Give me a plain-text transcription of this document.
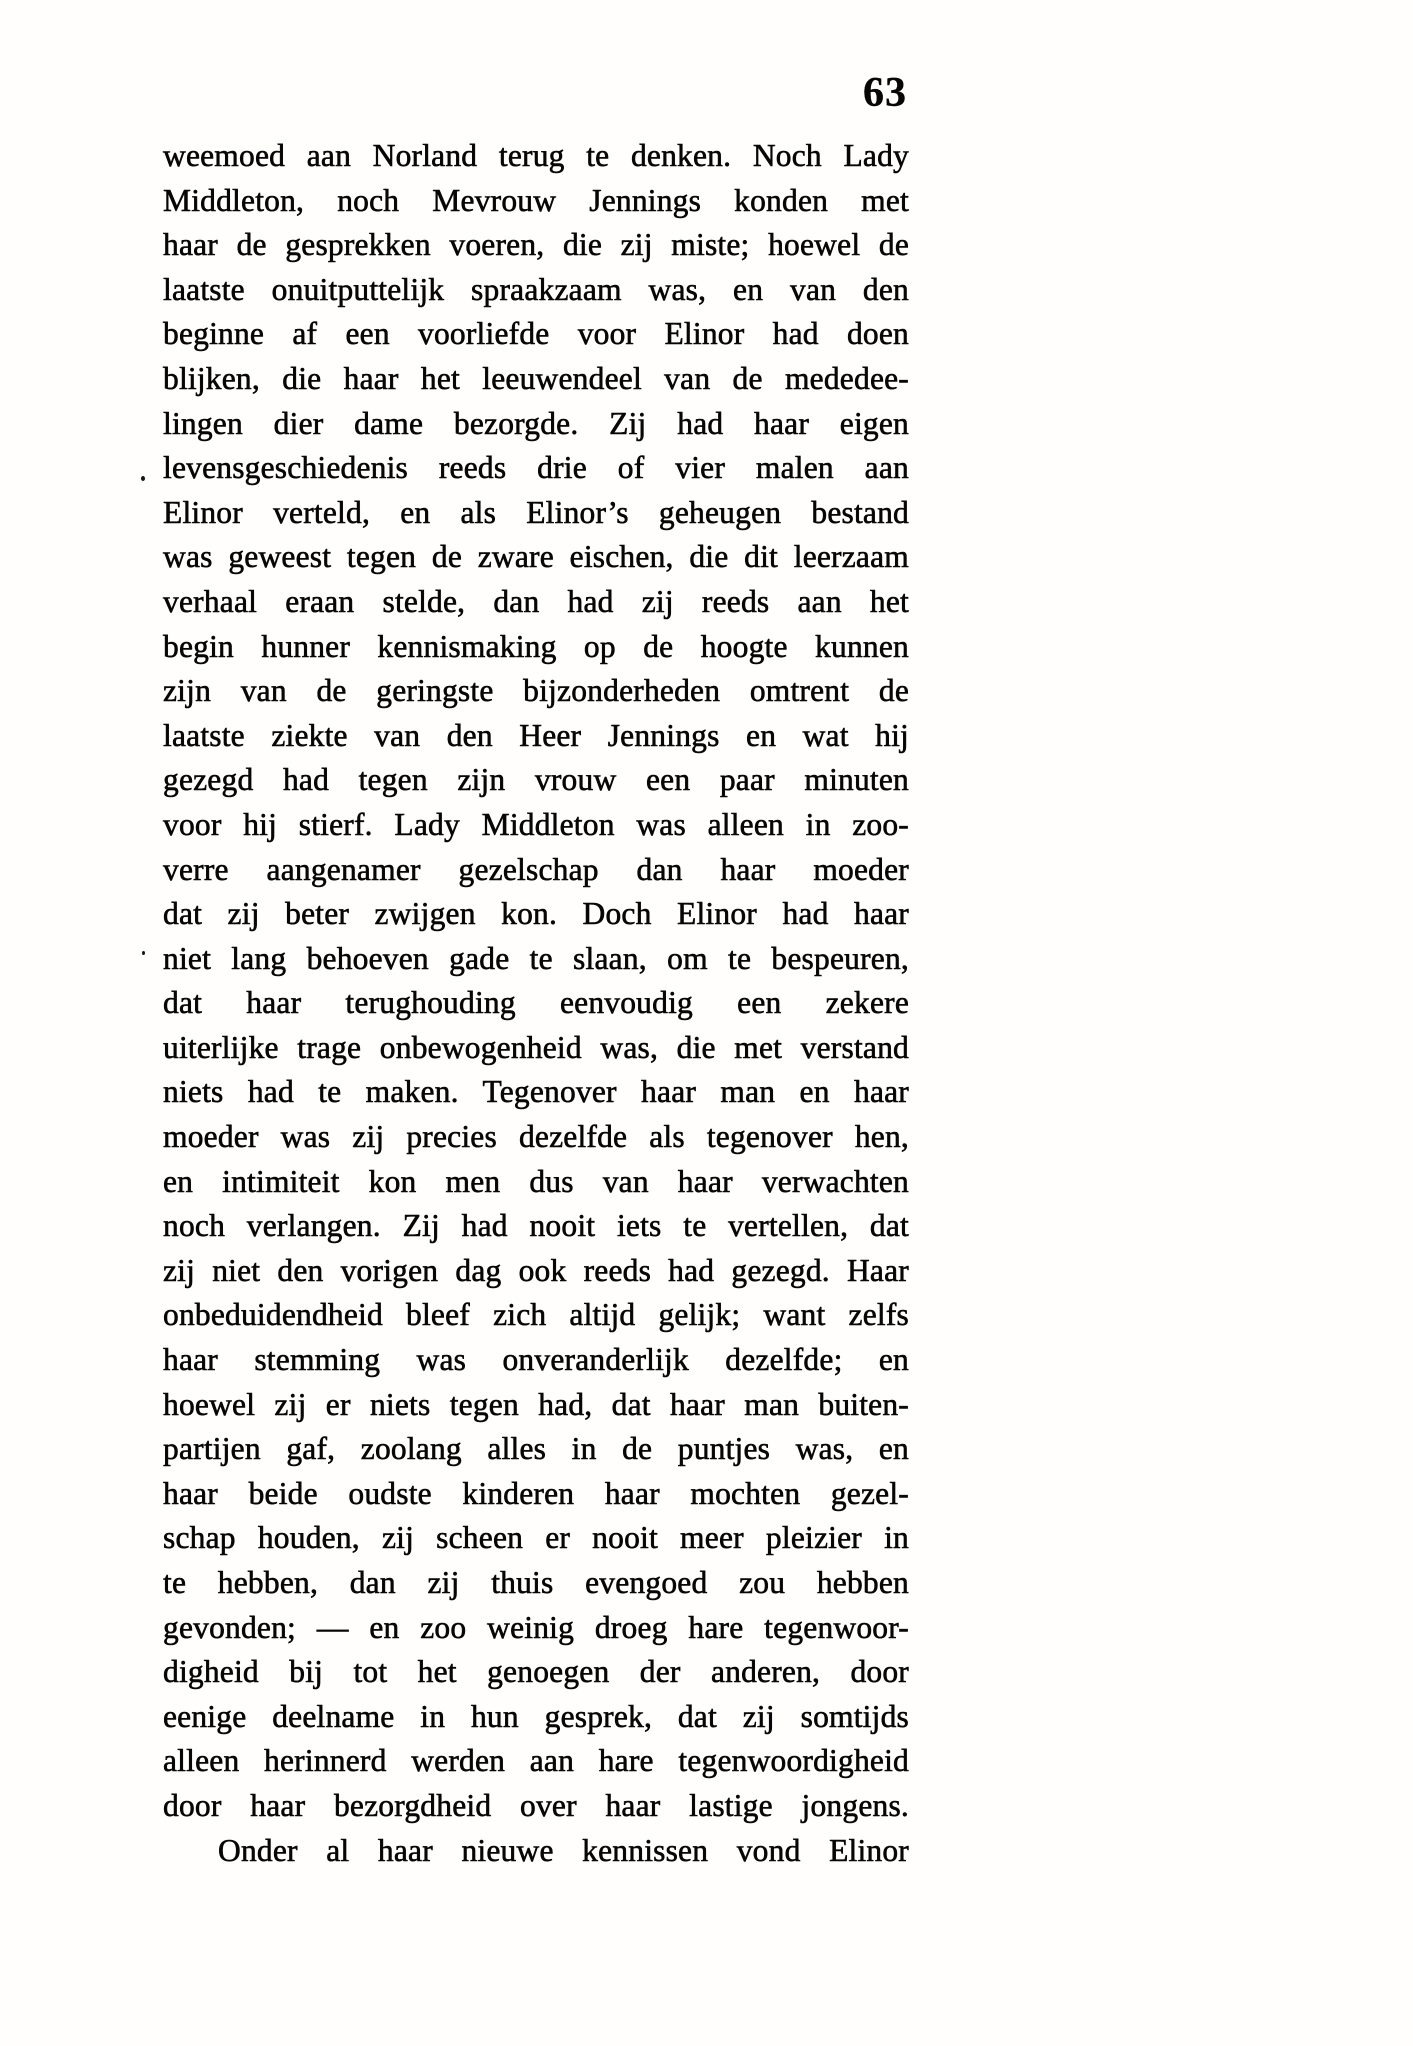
63
weemoed aan Norland terug te denken. Noch Lady
Middleton, noch Mevrouw Jennings konden met
haar de gesprekken voeren, die zij miste; hoewel de
laatste onuitputtelijk spraakzaam was, en van den
beginne af een voorliefde voor Elinor had doen
blijken, die haar het leeuwendeel van de mededee-
lingen dier dame bezorgde. Zij had haar eigen
levensgeschiedenis reeds drie of vier malen aan
Elinor verteld, en als Elinor’s geheugen bestand
was geweest tegen de zware eischen, die dit leerzaam
verhaal eraan stelde, dan had zij reeds aan het
begin hunner kennismaking op de hoogte kunnen
zijn van de geringste bijzonderheden omtrent de
laatste ziekte van den Heer Jennings en wat hij
gezegd had tegen zijn vrouw een paar minuten
voor hij stierf. Lady Middleton was alleen in zoo-
verre aangenamer gezelschap dan haar moeder
dat zij beter zwijgen kon. Doch Elinor had haar
niet lang behoeven gade te slaan, om te bespeuren,
dat haar terughouding eenvoudig een zekere
uiterlijke trage onbewogenheid was, die met verstand
niets had te maken. Tegenover haar man en haar
moeder was zij precies dezelfde als tegenover hen,
en intimiteit kon men dus van haar verwachten
noch verlangen. Zij had nooit iets te vertellen, dat
zij niet den vorigen dag ook reeds had gezegd. Haar
onbeduidendheid bleef zich altijd gelijk; want zelfs
haar stemming was onveranderlijk dezelfde; en
hoewel zij er niets tegen had, dat haar man buiten-
partijen gaf, zoolang alles in de puntjes was, en
haar beide oudste kinderen haar mochten gezel-
schap houden, zij scheen er nooit meer pleizier in
te hebben, dan zij thuis evengoed zou hebben
gevonden; — en zoo weinig droeg hare tegenwoor-
digheid bij tot het genoegen der anderen, door
eenige deelname in hun gesprek, dat zij somtijds
alleen herinnerd werden aan hare tegenwoordigheid
door haar bezorgdheid over haar lastige jongens.
Onder al haar nieuwe kennissen vond Elinor
